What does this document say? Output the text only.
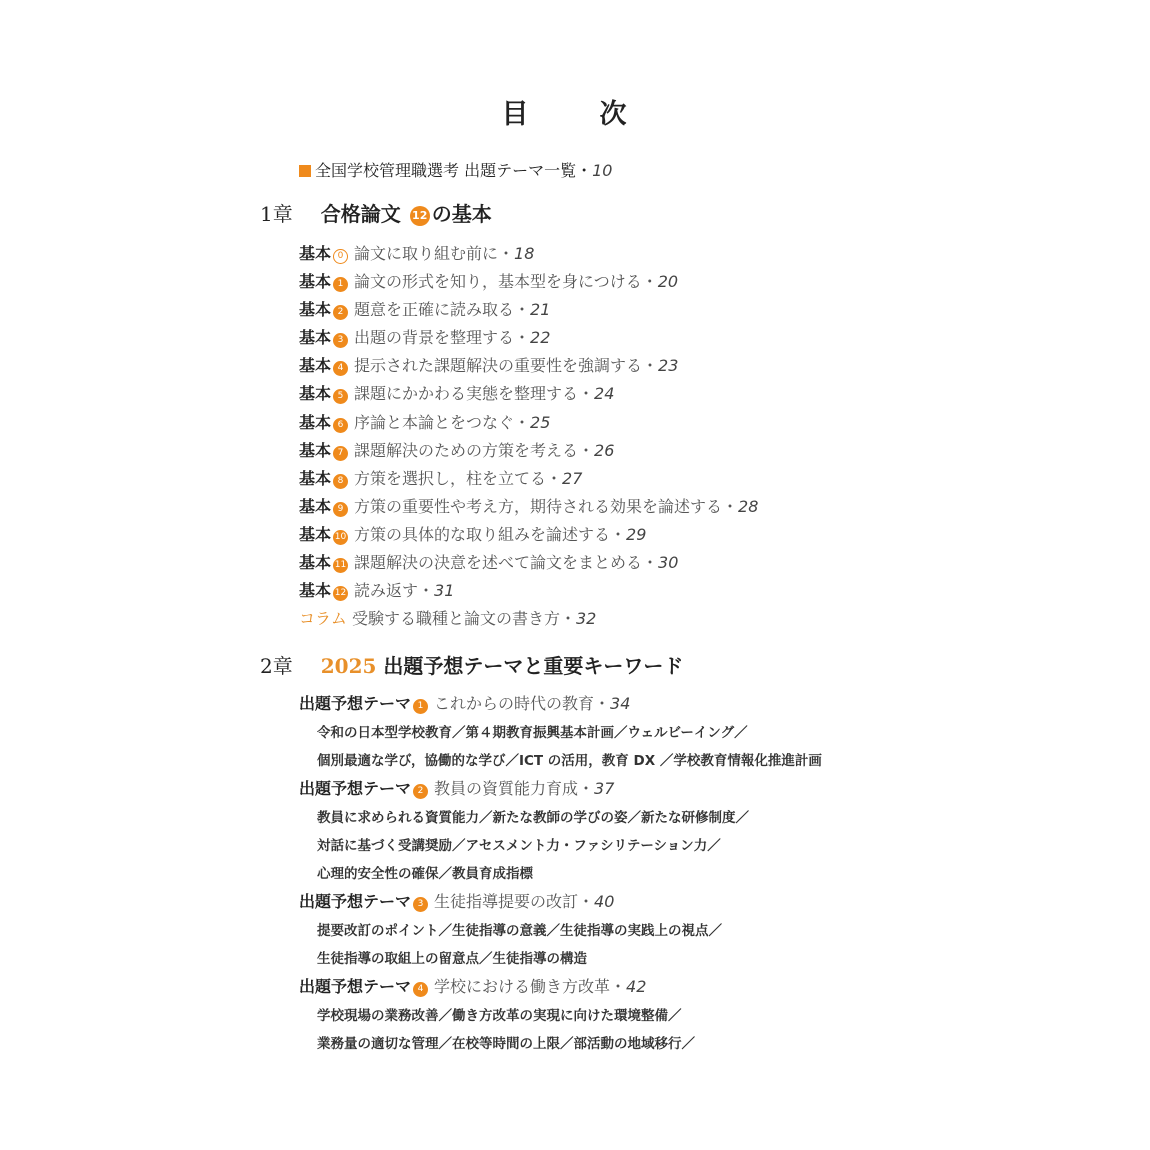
目　次
全国学校管理職選考 出題テーマ一覧・10
1章 合格論文 12 の基本
基本 0 論文に取り組む前に・18
基本 1 論文の形式を知り，基本型を身につける・20
基本 2 題意を正確に読み取る・21
基本 3 出題の背景を整理する・22
基本 4 提示された課題解決の重要性を強調する・23
基本 5 課題にかかわる実態を整理する・24
基本 6 序論と本論とをつなぐ・25
基本 7 課題解決のための方策を考える・26
基本 8 方策を選択し，柱を立てる・27
基本 9 方策の重要性や考え方，期待される効果を論述する・28
基本 10 方策の具体的な取り組みを論述する・29
基本 11 課題解決の決意を述べて論文をまとめる・30
基本 12 読み返す・31
コラム 受験する職種と論文の書き方・32
2章 2025 出題予想テーマと重要キーワード
出題予想テーマ 1 これからの時代の教育・34
令和の日本型学校教育／第４期教育振興基本計画／ウェルビーイング／
個別最適な学び，協働的な学び／ICT の活用，教育 DX ／学校教育情報化推進計画
出題予想テーマ 2 教員の資質能力育成・37
教員に求められる資質能力／新たな教師の学びの姿／新たな研修制度／
対話に基づく受講奨励／アセスメント力・ファシリテーション力／
心理的安全性の確保／教員育成指標
出題予想テーマ 3 生徒指導提要の改訂・40
提要改訂のポイント／生徒指導の意義／生徒指導の実践上の視点／
生徒指導の取組上の留意点／生徒指導の構造
出題予想テーマ 4 学校における働き方改革・42
学校現場の業務改善／働き方改革の実現に向けた環境整備／
業務量の適切な管理／在校等時間の上限／部活動の地域移行／
